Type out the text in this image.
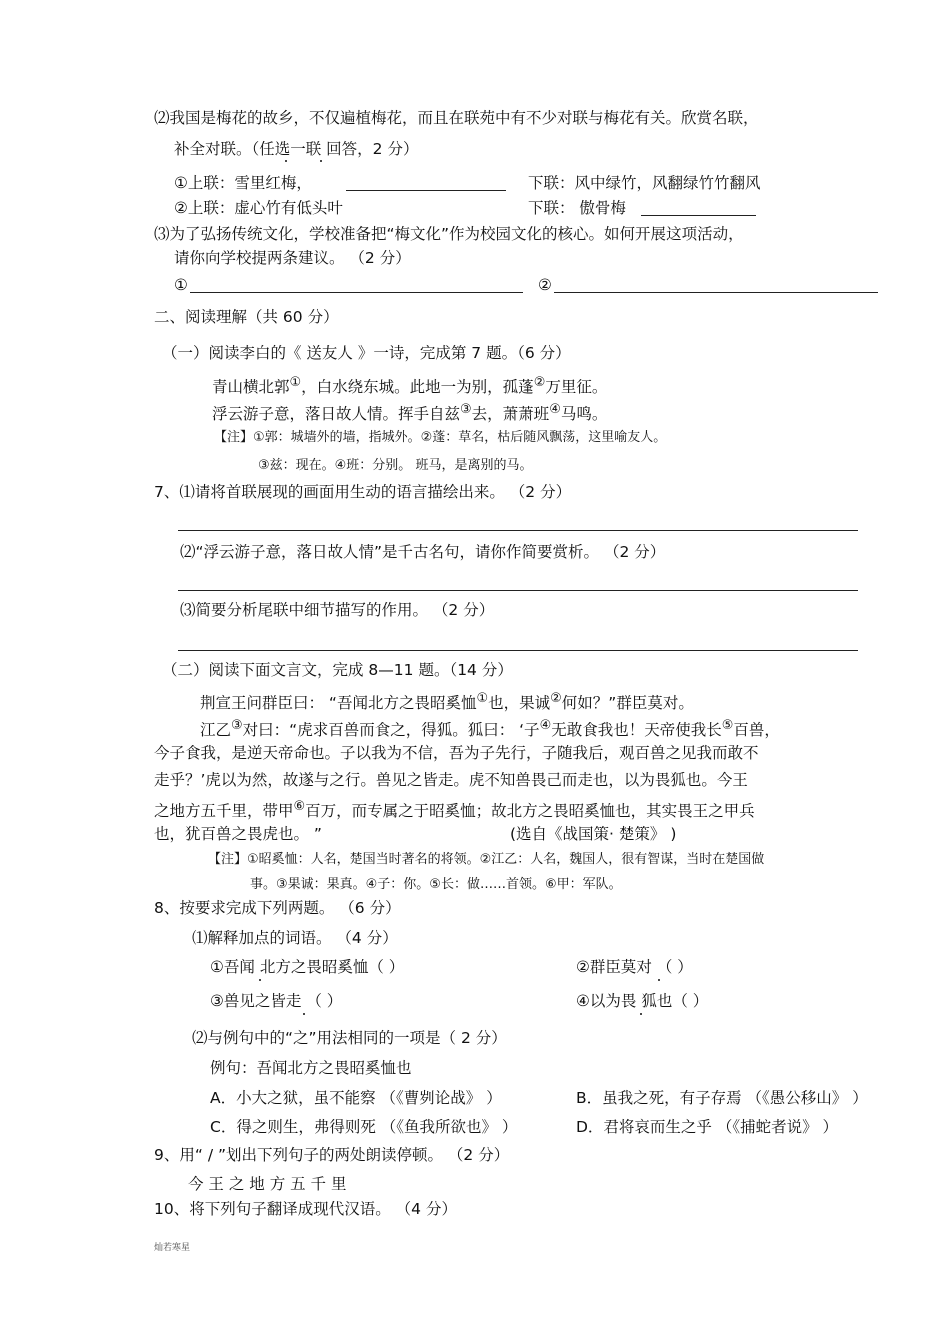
⑵我国是梅花的故乡，不仅遍植梅花，而且在联苑中有不少对联与梅花有关。欣赏名联，
补全对联。（任选一联 回答，2 分）
①上联：雪里红梅，	下联：风中绿竹，风翻绿竹竹翻风
②上联：虚心竹有低头叶	下联： 傲骨梅
⑶为了弘扬传统文化，学校准备把“梅文化”作为校园文化的核心。如何开展这项活动，
请你向学校提两条建议。 （2 分）
①	②
二、阅读理解（共 60 分）
（一）阅读李白的《 送友人 》一诗，完成第 7 题。（6 分）
青山横北郭①，白水绕东城。此地一为别，孤蓬②万里征。
浮云游子意，落日故人情。挥手自兹③去，萧萧班④马鸣。
【注】①郭：城墙外的墙，指城外。②蓬：草名，枯后随风飘荡，这里喻友人。
③兹：现在。④班：分别。 班马，是离别的马。
7、⑴请将首联展现的画面用生动的语言描绘出来。 （2 分）
⑵“浮云游子意，落日故人情”是千古名句，请你作简要赏析。 （2 分）
⑶简要分析尾联中细节描写的作用。 （2 分）
（二）阅读下面文言文，完成 8—11 题。（14 分）
荆宣王问群臣曰： “吾闻北方之畏昭奚恤①也，果诚②何如？”群臣莫对。
江乙③对曰：“虎求百兽而食之，得狐。狐曰： ‘子④无敢食我也！天帝使我长⑤百兽，
今子食我，是逆天帝命也。子以我为不信，吾为子先行，子随我后，观百兽之见我而敢不
走乎？’虎以为然，故遂与之行。兽见之皆走。虎不知兽畏己而走也，以为畏狐也。今王
之地方五千里，带甲⑥百万，而专属之于昭奚恤；故北方之畏昭奚恤也，其实畏王之甲兵
也，犹百兽之畏虎也。 ”	(选自《战国策· 楚策》 )
【注】①昭奚恤：人名，楚国当时著名的将领。②江乙：人名，魏国人，很有智谋，当时在楚国做
事。③果诚：果真。④子：你。⑤长：做……首领。⑥甲：军队。
8、按要求完成下列两题。 （6 分）
⑴解释加点的词语。 （4 分）
①吾闻 北方之畏昭奚恤（ ）	②群臣莫对 （ ）
③兽见之皆走 （ ）	④以为畏 狐也（ ）
⑵与例句中的“之”用法相同的一项是（ 2 分）
例句：吾闻北方之畏昭奚恤也
A．小大之狱，虽不能察 （《曹刿论战》 ）	B．虽我之死，有子存焉 （《愚公移山》 ）
C．得之则生，弗得则死 （《鱼我所欲也》 ）	D．君将哀而生之乎 （《捕蛇者说》 ）
9、用“ / ”划出下列句子的两处朗读停顿。 （2 分）
今 王 之 地 方 五 千 里
10、将下列句子翻译成现代汉语。 （4 分）
灿若寒星
